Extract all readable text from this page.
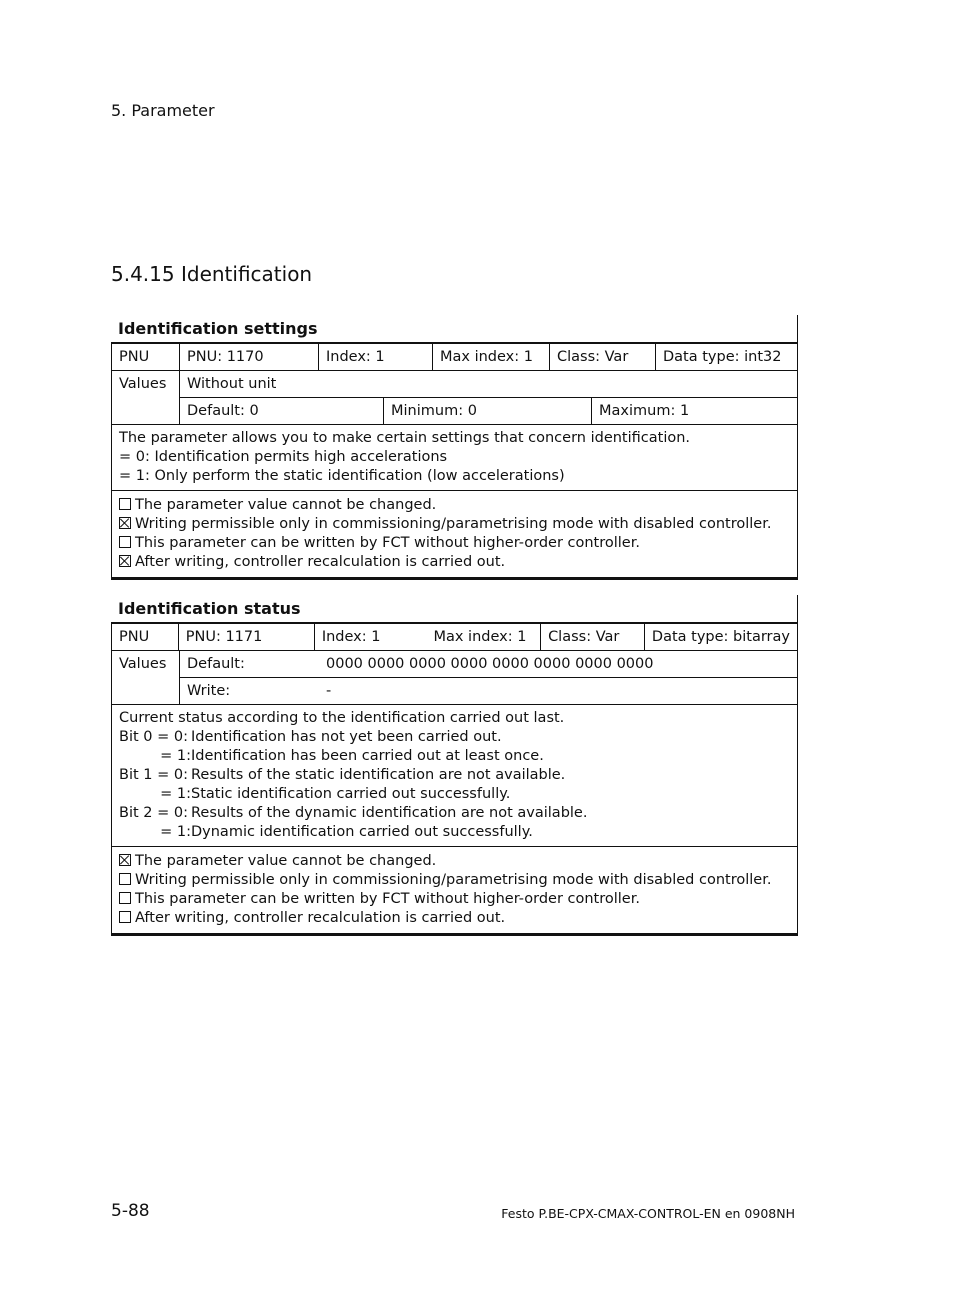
5. Parameter
5.4.15 Identification
Identification settings
PNU	PNU: 1170	Index: 1	Max index: 1	Class: Var	Data type: int32
Values	Without unit
Default: 0	Minimum: 0	Maximum: 1
The parameter allows you to make certain settings that concern identification.
= 0: Identification permits high accelerations
= 1: Only perform the static identification (low accelerations)
The parameter value cannot be changed.
Writing permissible only in commissioning/parametrising mode with disabled controller.
This parameter can be written by FCT without higher-order controller.
After writing, controller recalculation is carried out.
Identification status
PNU	PNU: 1171	Index: 1	Max index: 1	Class: Var	Data type: bitarray
Values	Default:	0000 0000 0000 0000 0000 0000 0000 0000
Write:	-
Current status according to the identification carried out last.
Bit 0 = 0: Identification has not yet been carried out.
= 1: Identification has been carried out at least once.
Bit 1 = 0: Results of the static identification are not available.
= 1: Static identification carried out successfully.
Bit 2 = 0: Results of the dynamic identification are not available.
= 1: Dynamic identification carried out successfully.
The parameter value cannot be changed.
Writing permissible only in commissioning/parametrising mode with disabled controller.
This parameter can be written by FCT without higher-order controller.
After writing, controller recalculation is carried out.
5-88	Festo P.BE-CPX-CMAX-CONTROL-EN en 0908NH
